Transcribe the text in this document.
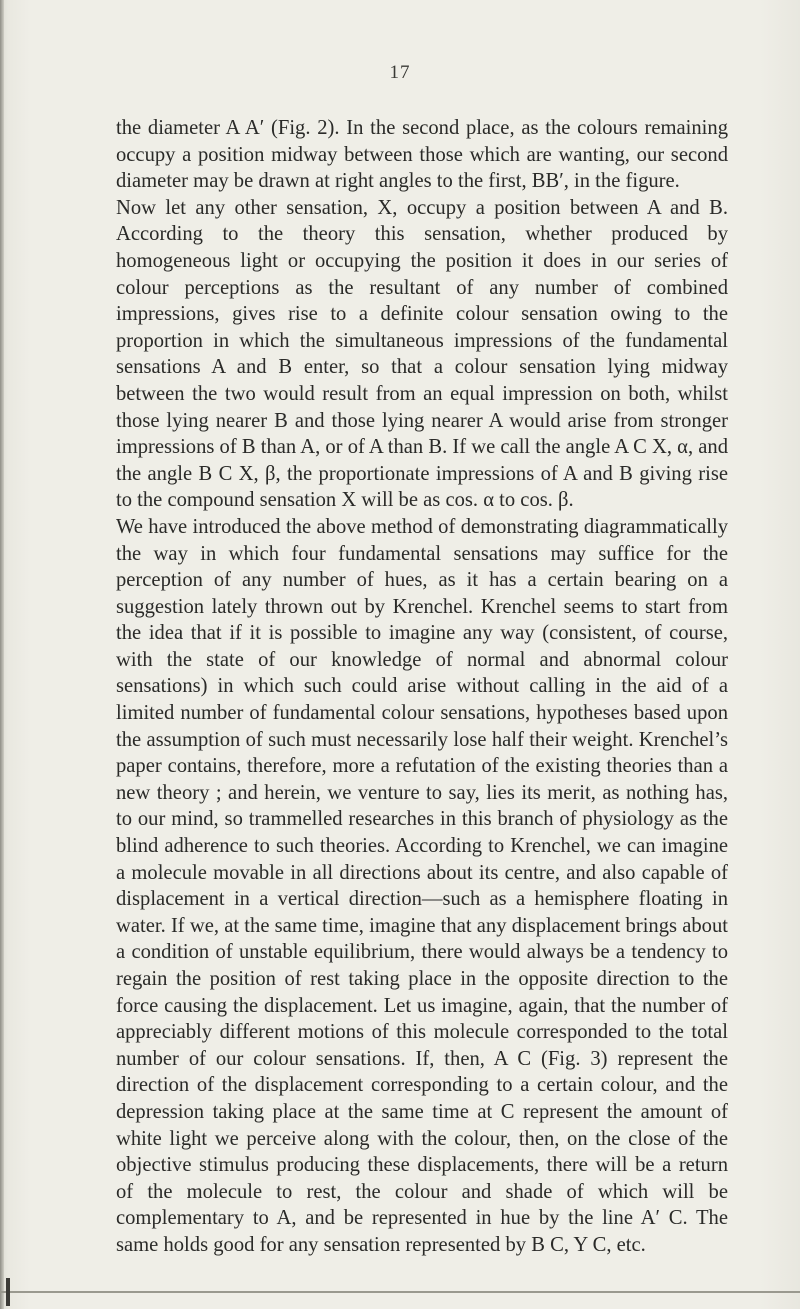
17

the diameter A A′ (Fig. 2). In the second place, as the colours remaining occupy a position midway between those which are wanting, our second diameter may be drawn at right angles to the first, BB′, in the figure.

Now let any other sensation, X, occupy a position between A and B. According to the theory this sensation, whether produced by homogeneous light or occupying the position it does in our series of colour perceptions as the resultant of any number of combined impressions, gives rise to a definite colour sensation owing to the proportion in which the simultaneous impressions of the fundamental sensations A and B enter, so that a colour sensation lying midway between the two would result from an equal impression on both, whilst those lying nearer B and those lying nearer A would arise from stronger impressions of B than A, or of A than B. If we call the angle A C X, α, and the angle B C X, β, the proportionate impressions of A and B giving rise to the compound sensation X will be as cos. α to cos. β.

We have introduced the above method of demonstrating diagrammatically the way in which four fundamental sensations may suffice for the perception of any number of hues, as it has a certain bearing on a suggestion lately thrown out by Krenchel. Krenchel seems to start from the idea that if it is possible to imagine any way (consistent, of course, with the state of our knowledge of normal and abnormal colour sensations) in which such could arise without calling in the aid of a limited number of fundamental colour sensations, hypotheses based upon the assumption of such must necessarily lose half their weight. Krenchel’s paper contains, therefore, more a refutation of the existing theories than a new theory ; and herein, we venture to say, lies its merit, as nothing has, to our mind, so trammelled researches in this branch of physiology as the blind adherence to such theories. According to Krenchel, we can imagine a molecule movable in all directions about its centre, and also capable of displacement in a vertical direction—such as a hemisphere floating in water. If we, at the same time, imagine that any displacement brings about a condition of unstable equilibrium, there would always be a tendency to regain the position of rest taking place in the opposite direction to the force causing the displacement. Let us imagine, again, that the number of appreciably different motions of this molecule corresponded to the total number of our colour sensations. If, then, A C (Fig. 3) represent the direction of the displacement corresponding to a certain colour, and the depression taking place at the same time at C represent the amount of white light we perceive along with the colour, then, on the close of the objective stimulus producing these displacements, there will be a return of the molecule to rest, the colour and shade of which will be complementary to A, and be represented in hue by the line A′ C. The same holds good for any sensation represented by B C, Y C, etc.
